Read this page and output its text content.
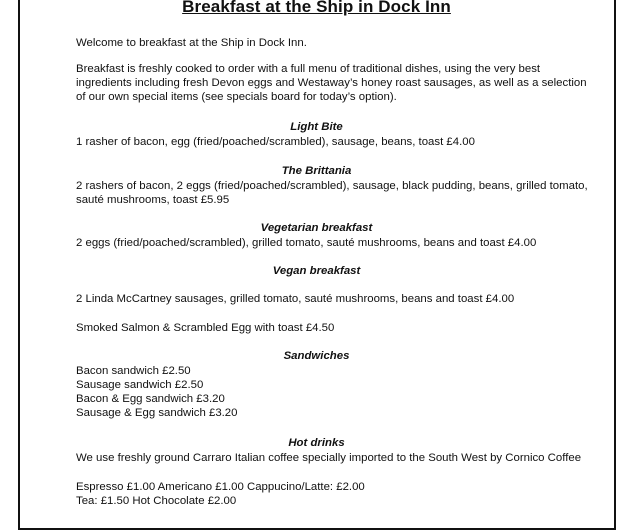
Breakfast at the Ship in Dock Inn
Welcome to breakfast at the Ship in Dock Inn.
Breakfast is freshly cooked to order with a full menu of traditional dishes, using the very best
ingredients including fresh Devon eggs and Westaway’s honey roast sausages, as well as a selection
of our own special items (see specials board for today’s option).
Light Bite
1 rasher of bacon, egg (fried/poached/scrambled), sausage, beans, toast £4.00
The Brittania
2 rashers of bacon, 2 eggs (fried/poached/scrambled), sausage, black pudding, beans, grilled tomato,
sauté mushrooms, toast £5.95
Vegetarian breakfast
2 eggs (fried/poached/scrambled), grilled tomato, sauté mushrooms, beans and toast £4.00
Vegan breakfast
2 Linda McCartney sausages, grilled tomato, sauté mushrooms, beans and toast £4.00
Smoked Salmon & Scrambled Egg with toast £4.50
Sandwiches
Bacon sandwich £2.50
Sausage sandwich £2.50
Bacon & Egg sandwich £3.20
Sausage & Egg sandwich £3.20
Hot drinks
We use freshly ground Carraro Italian coffee specially imported to the South West by Cornico Coffee
Espresso £1.00 Americano £1.00 Cappucino/Latte: £2.00
Tea: £1.50 Hot Chocolate £2.00
